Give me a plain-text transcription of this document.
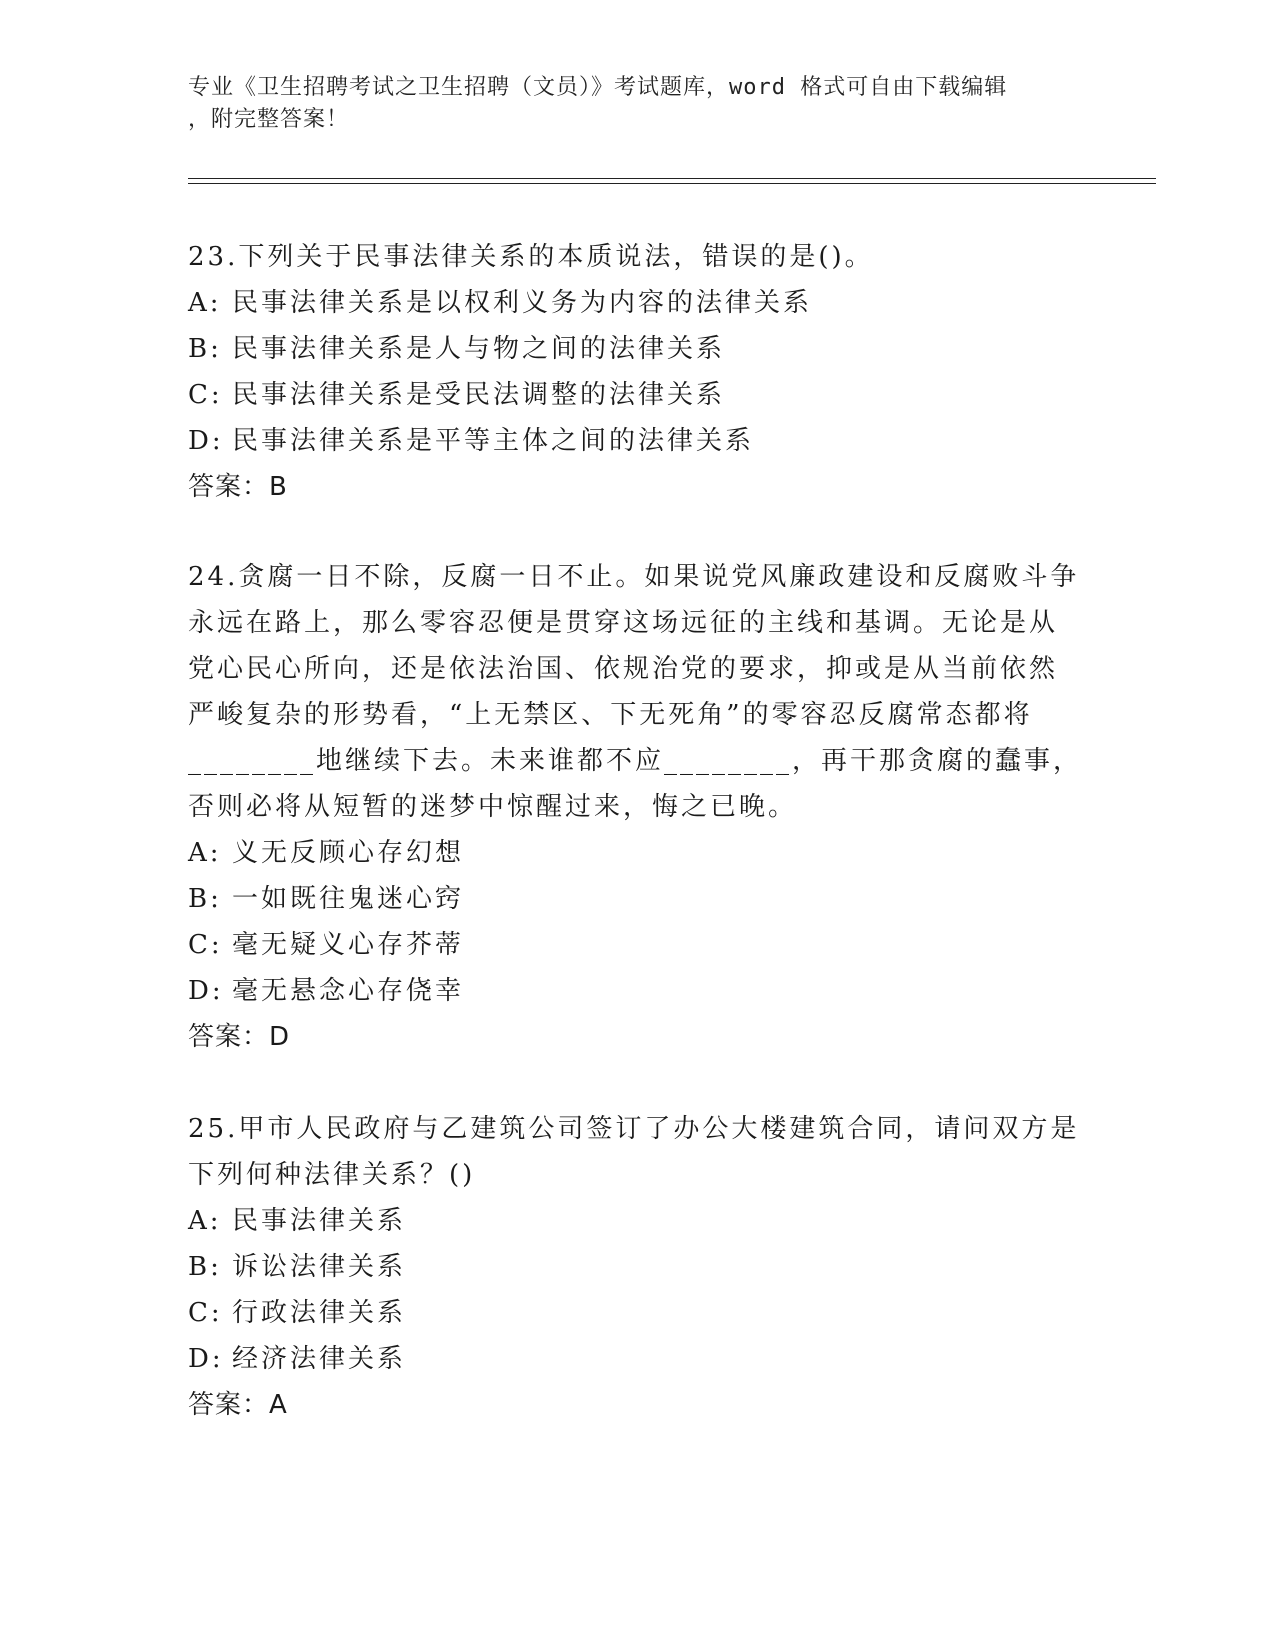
专业《卫生招聘考试之卫生招聘（文员）》考试题库，word 格式可自由下载编辑
，附完整答案！

23.下列关于民事法律关系的本质说法，错误的是()。

A: 民事法律关系是以权利义务为内容的法律关系

B: 民事法律关系是人与物之间的法律关系

C: 民事法律关系是受民法调整的法律关系

D: 民事法律关系是平等主体之间的法律关系

答案：B

24.贪腐一日不除，反腐一日不止。如果说党风廉政建设和反腐败斗争

永远在路上，那么零容忍便是贯穿这场远征的主线和基调。无论是从

党心民心所向，还是依法治国、依规治党的要求，抑或是从当前依然

严峻复杂的形势看，“上无禁区、下无死角”的零容忍反腐常态都将

________地继续下去。未来谁都不应________，再干那贪腐的蠢事，

否则必将从短暂的迷梦中惊醒过来，悔之已晚。

A: 义无反顾心存幻想

B: 一如既往鬼迷心窍

C: 毫无疑义心存芥蒂

D: 毫无悬念心存侥幸

答案：D

25.甲市人民政府与乙建筑公司签订了办公大楼建筑合同，请问双方是

下列何种法律关系？()

A: 民事法律关系

B: 诉讼法律关系

C: 行政法律关系

D: 经济法律关系

答案：A
